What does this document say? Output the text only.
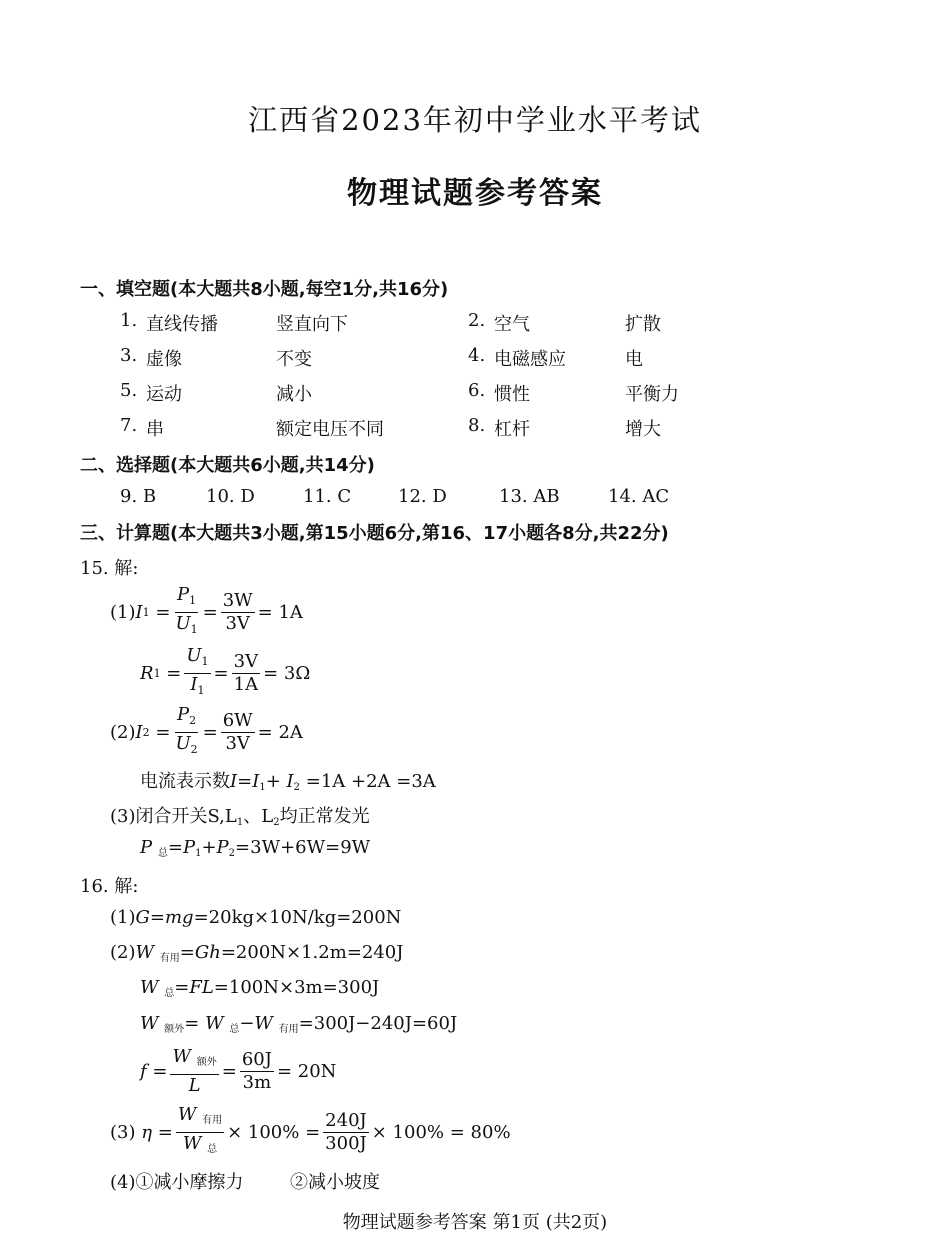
江西省2023年初中学业水平考试
物理试题参考答案
一、填空题(本大题共8小题,每空1分,共16分)
1. 直线传播	竖直向下	2. 空气	扩散
3. 虚像	不变	4. 电磁感应	电
5. 运动	减小	6. 惯性	平衡力
7. 串	额定电压不同	8. 杠杆	增大
二、选择题(本大题共6小题,共14分)
9. B	10. D	11. C	12. D	13. AB	14. AC
三、计算题(本大题共3小题,第15小题6分,第16、17小题各8分,共22分)
15. 解:
(1) I $1 = \frac{P_1}{U_1} = \frac{3W}{3V} = 1A$
R $1 = \frac{U_1}{I_1} = \frac{3V}{1A} = 3\Omega$
(2) I $2 = \frac{P_2}{U_2} = \frac{6W}{3V} = 2A$
电流表示数I=I1+ I2 =1A +2A =3A
(3)闭合开关S,L1、L2均正常发光
P 总=P1+P2=3W+6W=9W
16. 解:
(1)G=mg=20kg×10N/kg=200N
(2)W 有用=Gh=200N×1.2m=240J
W 总=FL=100N×3m=300J
W 额外= W 总−W 有用=300J−240J=60J
$f = \frac{\text{W 额外}}{L} = \frac{60J}{3m} = 20N$
(3)
$\eta = \frac{\text{W 有用}}{\text{W 总}} \times 100\% = \frac{240J}{300J} \times 100\% = 80\%$
(4)①减小摩擦力	②减小坡度
物理试题参考答案 第1页 (共2页)
